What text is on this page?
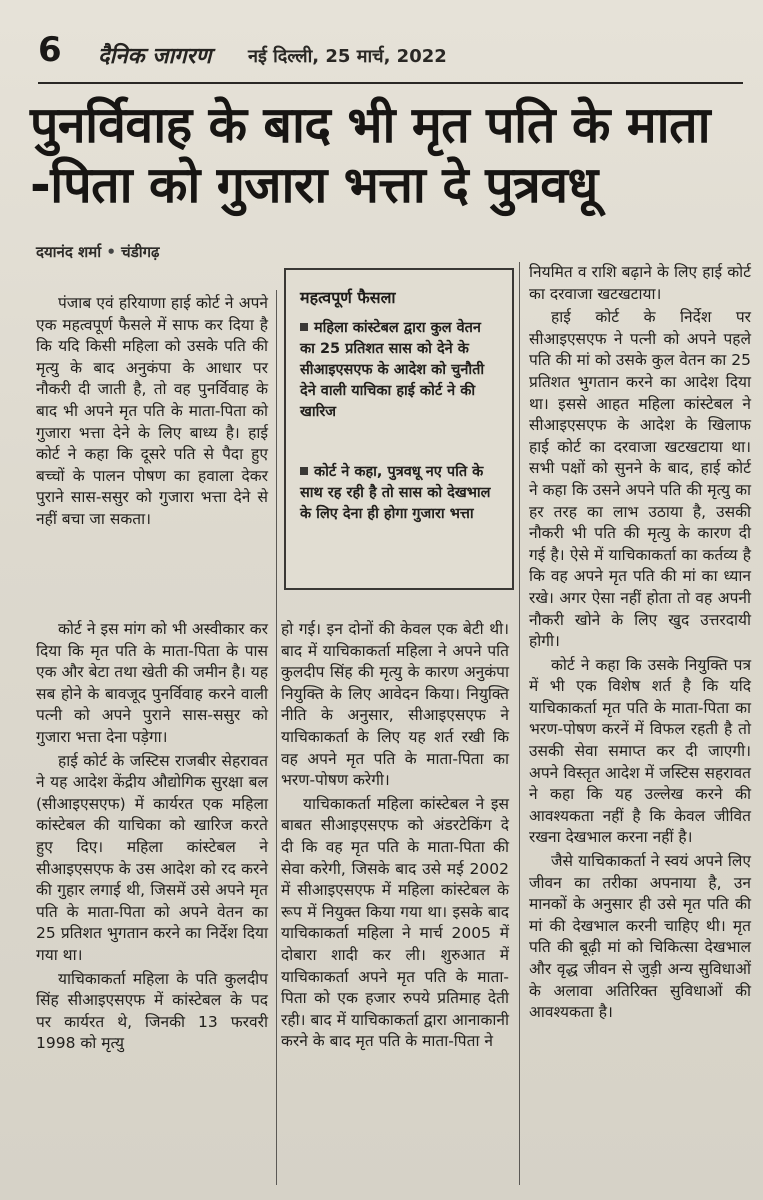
6 दैनिक जागरण नई दिल्ली, 25 मार्च, 2022
पुनर्विवाह के बाद भी मृत पति के माता -पिता को गुजारा भत्ता दे पुत्रवधू
दयानंद शर्मा • चंडीगढ़

पंजाब एवं हरियाणा हाई कोर्ट ने अपने एक महत्वपूर्ण फैसले में साफ कर दिया है कि यदि किसी महिला को उसके पति की मृत्यु के बाद अनुकंपा के आधार पर नौकरी दी जाती है, तो वह पुनर्विवाह के बाद भी अपने मृत पति के माता-पिता को गुजारा भत्ता देने के लिए बाध्य है। हाई कोर्ट ने कहा कि दूसरे पति से पैदा हुए बच्चों के पालन पोषण का हवाला देकर पुराने सास-ससुर को गुजारा भत्ता देने से नहीं बचा जा सकता।

कोर्ट ने इस मांग को भी अस्वीकार कर दिया कि मृत पति के माता-पिता के पास एक और बेटा तथा खेती की जमीन है। यह सब होने के बावजूद पुनर्विवाह करने वाली पत्नी को अपने पुराने सास-ससुर को गुजारा भत्ता देना पड़ेगा।

हाई कोर्ट के जस्टिस राजबीर सेहरावत ने यह आदेश केंद्रीय औद्योगिक सुरक्षा बल (सीआइएसएफ) में कार्यरत एक महिला कांस्टेबल की याचिका को खारिज करते हुए दिए। महिला कांस्टेबल ने सीआइएसएफ के उस आदेश को रद करने की गुहार लगाई थी, जिसमें उसे अपने मृत पति के माता-पिता को अपने वेतन का 25 प्रतिशत भुगतान करने का निर्देश दिया गया था।

याचिकाकर्ता महिला के पति कुलदीप सिंह सीआइएसएफ में कांस्टेबल के पद पर कार्यरत थे, जिनकी 13 फरवरी 1998 को मृत्यु

महत्वपूर्ण फैसला
महिला कांस्टेबल द्वारा कुल वेतन का 25 प्रतिशत सास को देने के सीआइएसएफ के आदेश को चुनौती देने वाली याचिका हाई कोर्ट ने की खारिज
कोर्ट ने कहा, पुत्रवधू नए पति के साथ रह रही है तो सास को देखभाल के लिए देना ही होगा गुजारा भत्ता

हो गई। इन दोनों की केवल एक बेटी थी। बाद में याचिकाकर्ता महिला ने अपने पति कुलदीप सिंह की मृत्यु के कारण अनुकंपा नियुक्ति के लिए आवेदन किया। नियुक्ति नीति के अनुसार, सीआइएसएफ ने याचिकाकर्ता के लिए यह शर्त रखी कि वह अपने मृत पति के माता-पिता का भरण-पोषण करेगी।

याचिकाकर्ता महिला कांस्टेबल ने इस बाबत सीआइएसएफ को अंडरटेकिंग दे दी कि वह मृत पति के माता-पिता की सेवा करेगी, जिसके बाद उसे मई 2002 में सीआइएसएफ में महिला कांस्टेबल के रूप में नियुक्त किया गया था। इसके बाद याचिकाकर्ता महिला ने मार्च 2005 में दोबारा शादी कर ली। शुरुआत में याचिकाकर्ता अपने मृत पति के माता-पिता को एक हजार रुपये प्रतिमाह देती रही। बाद में याचिकाकर्ता द्वारा आनाकानी करने के बाद मृत पति के माता-पिता ने

नियमित व राशि बढ़ाने के लिए हाई कोर्ट का दरवाजा खटखटाया।

हाई कोर्ट के निर्देश पर सीआइएसएफ ने पत्नी को अपने पहले पति की मां को उसके कुल वेतन का 25 प्रतिशत भुगतान करने का आदेश दिया था। इससे आहत महिला कांस्टेबल ने सीआइएसएफ के आदेश के खिलाफ हाई कोर्ट का दरवाजा खटखटाया था। सभी पक्षों को सुनने के बाद, हाई कोर्ट ने कहा कि उसने अपने पति की मृत्यु का हर तरह का लाभ उठाया है, उसकी नौकरी भी पति की मृत्यु के कारण दी गई है। ऐसे में याचिकाकर्ता का कर्तव्य है कि वह अपने मृत पति की मां का ध्यान रखे। अगर ऐसा नहीं होता तो वह अपनी नौकरी खोने के लिए खुद उत्तरदायी होगी।

कोर्ट ने कहा कि उसके नियुक्ति पत्र में भी एक विशेष शर्त है कि यदि याचिकाकर्ता मृत पति के माता-पिता का भरण-पोषण करनें में विफल रहती है तो उसकी सेवा समाप्त कर दी जाएगी। अपने विस्तृत आदेश में जस्टिस सहरावत ने कहा कि यह उल्लेख करने की आवश्यकता नहीं है कि केवल जीवित रखना देखभाल करना नहीं है।

जैसे याचिकाकर्ता ने स्वयं अपने लिए जीवन का तरीका अपनाया है, उन मानकों के अनुसार ही उसे मृत पति की मां की देखभाल करनी चाहिए थी। मृत पति की बूढ़ी मां को चिकित्सा देखभाल और वृद्ध जीवन से जुड़ी अन्य सुविधाओं के अलावा अतिरिक्त सुविधाओं की आवश्यकता है।
